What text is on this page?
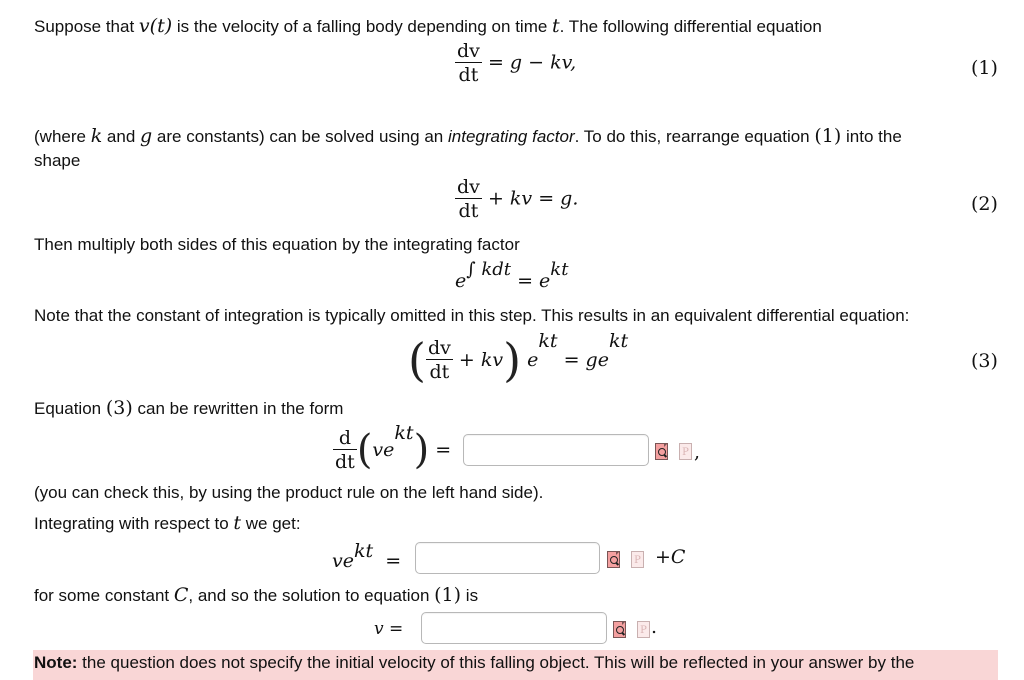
Suppose that v(t) is the velocity of a falling body depending on time t. The following differential equation
$\frac{dv}{dt} = g$ − kv,	(1)
(where k and g are constants) can be solved using an integrating factor. To do this, rearrange equation (1) into the
shape
$\frac{dv}{dt}$ + kv = g.	(2)
Then multiply both sides of this equation by the integrating factor
e∫ kdt = ekt
Note that the constant of integration is typically omitted in this step. This results in an equivalent differential equation:
( $\frac{dv}{dt} + kv$) ekt = gekt
(3)
Equation (3) can be rewritten in the form
$\frac{d}{dt}$ (vekt) =	P ,
(you can check this, by using the product rule on the left hand side).
Integrating with respect to t we get:
vekt =	P +C
for some constant C, and so the solution to equation (1) is
v =	P .
Note: the question does not specify the initial velocity of this falling object. This will be reflected in your answer by the
